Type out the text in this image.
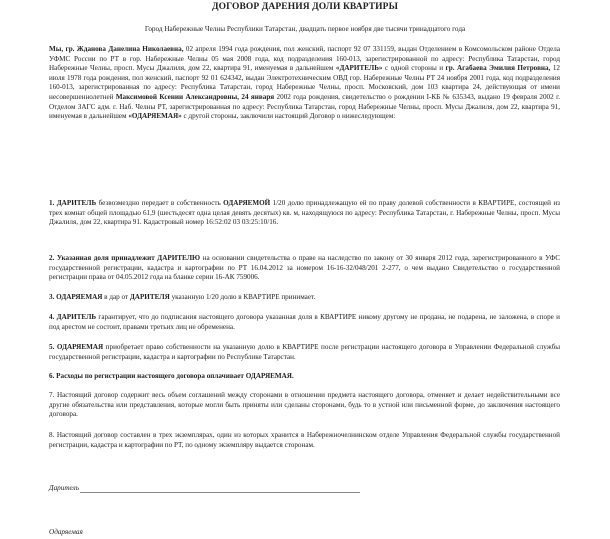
ДОГОВОР ДАРЕНИЯ ДОЛИ КВАРТИРЫ
Город Набережные Челны Республики Татарстан, двадцать первое ноября две тысячи тринадцатого года
Мы, гр. Жданова Данелина Николаевна, 02 апреля 1994 года рождения, пол женский, паспорт 92 07 331159, выдан Отделением в Комсомольском районе Отдела УФМС России по РТ в гор. Набережные Челны 05 мая 2008 года, код подразделения 160-013, зарегистрированной по адресу: Республика Татарстан, город Набережные Челны, просп. Мусы Джалиля, дом 22, квартира 91, именуемая в дальнейшем «ДАРИТЕЛЬ» с одной стороны и гр. Агабаева Эмилия Петровна, 12 июля 1978 года рождения, пол женский, паспорт 92 01 624342, выдан Электротехническим ОВД гор. Набережные Челны РТ 24 ноября 2001 года, код подразделения 160-013, зарегистрированная по адресу: Республика Татарстан, город Набережные Челны, просп. Московский, дом 103 квартира 24, действующая от имени несовершеннолетней Максимовой Ксении Александровны, 24 января 2002 года рождения, свидетельство о рождении I-КБ № 635343, выдано 19 февраля 2002 г. Отделом ЗАГС адм. г. Наб. Челны РТ, зарегистрированная по адресу: Республика Татарстан, город Набережные Челны, просп. Мусы Джалиля, дом 22, квартира 91, именуемая в дальнейшем «ОДАРЯЕМАЯ» с другой стороны, заключили настоящий Договор о нижеследующем:
1. ДАРИТЕЛЬ безвозмездно передает в собственность ОДАРЯЕМОЙ 1/20 долю принадлежащую ей по праву долевой собственности в КВАРТИРЕ, состоящей из трех комнат общей площадью 61,9 (шестьдесят одна целая девять десятых) кв. м, находящуюся по адресу: Республика Татарстан, г. Набережные Челны, просп. Мусы Джалиля, дом 22, квартира 91. Кадастровый номер 16:52:02 03 03:25:10/16.
2. Указанная доля принадлежит ДАРИТЕЛЮ на основании свидетельства о праве на наследство по закону от 30 января 2012 года, зарегистрированного в УФС государственной регистрации, кадастра и картографии по РТ 16.04.2012 за номером 16-16-32/048/201 2-277, о чем выдано Свидетельство о государственной регистрации права от 04.05.2012 года на бланке серии 16-АК 759006.
3. ОДАРЯЕМАЯ в дар от ДАРИТЕЛЯ указанную 1/20 долю в КВАРТИРЕ принимает.
4. ДАРИТЕЛЬ гарантирует, что до подписания настоящего договора указанная доля в КВАРТИРЕ никому другому не продана, не подарена, не заложена, в споре и под арестом не состоит, правами третьих лиц не обременена.
5. ОДАРЯЕМАЯ приобретает право собственности на указанную долю в КВАРТИРЕ после регистрации настоящего договора в Управлении Федеральной службы государственной регистрации, кадастра и картографии по Республике Татарстан.
6. Расходы по регистрации настоящего договора оплачивает ОДАРЯЕМАЯ.
7. Настоящий договор содержит весь объем соглашений между сторонами в отношении предмета настоящего договора, отменяет и делает недействительными все другие обязательства или представления, которые могли быть приняты или сделаны сторонами, будь то в устной или письменной форме, до заключения настоящего договора.
8. Настоящий договор составлен в трех экземплярах, один из которых хранится в Набережночелнинском отделе Управления Федеральной службы государственной регистрации, кадастра и картографии по РТ, по одному экземпляру выдается сторонам.
Даритель
Одаряемая
